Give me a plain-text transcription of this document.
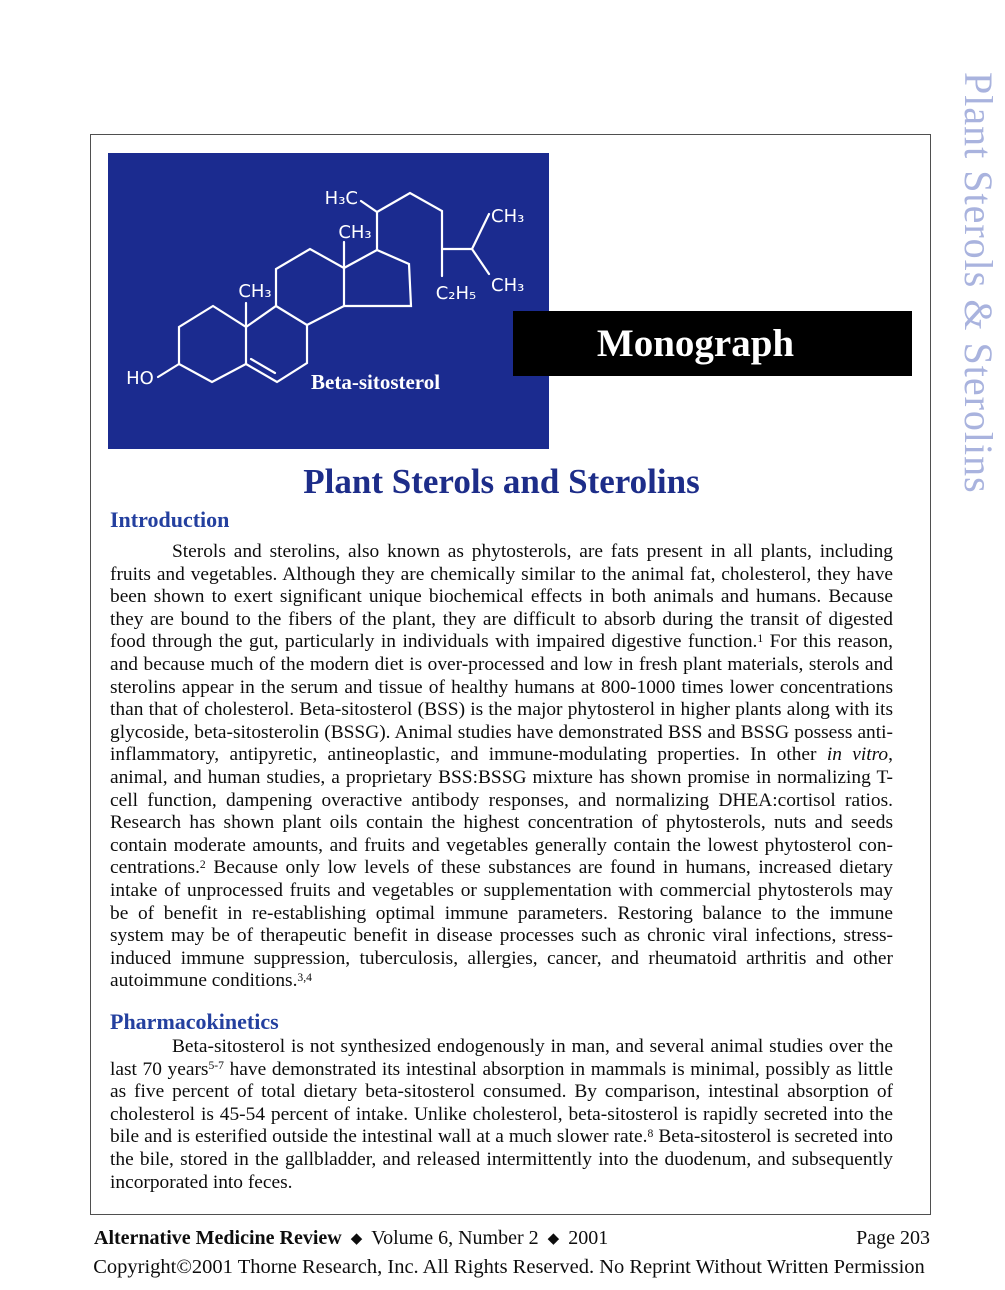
HO
CH₃
CH₃
H₃C
CH₃
CH₃
C₂H₅
Beta-sitosterol
Monograph	Plant Sterols & Sterolins
Plant Sterols and Sterolins
Introduction

Sterols and sterolins, also known as phytosterols, are fats present in all plants, including fruits and vegetables. Although they are chemically similar to the animal fat, cholesterol, they have been shown to exert significant unique biochemical effects in both animals and humans. Because they are bound to the fibers of the plant, they are difficult to absorb during the transit of digested food through the gut, particularly in individuals with impaired digestive function.$^1$ For this reason, and because much of the modern diet is over-processed and low in fresh plant materials, sterols and sterolins appear in the serum and tissue of healthy humans at 800-1000 times lower concentrations than that of cholesterol. Beta-sitosterol (BSS) is the major phytosterol in higher plants along with its glycoside, beta-sitosterolin (BSSG). Animal studies have demonstrated BSS and BSSG possess anti-inflammatory, antipyretic, antineoplastic, and immune-modulating properties. In other in vitro, animal, and human studies, a proprietary BSS:BSSG mixture has shown promise in normalizing T-cell function, dampening overactive antibody responses, and normalizing DHEA:cortisol ratios. Research has shown plant oils contain the highest concentration of phytosterols, nuts and seeds contain moderate amounts, and fruits and vegetables generally contain the lowest phytosterol con-centrations.$^2$ Because only low levels of these substances are found in humans, increased dietary intake of unprocessed fruits and vegetables or supplementation with commercial phytosterols may be of benefit in re-establishing optimal immune parameters. Restoring balance to the immune system may be of therapeutic benefit in disease processes such as chronic viral infections, stress-induced immune suppression, tuberculosis, allergies, cancer, and rheumatoid arthritis and other autoimmune conditions.$^{3,4}$

Pharmacokinetics

Beta-sitosterol is not synthesized endogenously in man, and several animal studies over the last 70 years$^{5-7}$ have demonstrated its intestinal absorption in mammals is minimal, possibly as little as five percent of total dietary beta-sitosterol consumed. By comparison, intestinal absorption of cholesterol is 45-54 percent of intake. Unlike cholesterol, beta-sitosterol is rapidly secreted into the bile and is esterified outside the intestinal wall at a much slower rate.$^8$ Beta-sitosterol is secreted into the bile, stored in the gallbladder, and released intermittently into the duodenum, and subsequently incorporated into feces.

Alternative Medicine Review ◆ Volume 6, Number 2 ◆ 2001	Page 203
Copyright©2001 Thorne Research, Inc. All Rights Reserved. No Reprint Without Written Permission
